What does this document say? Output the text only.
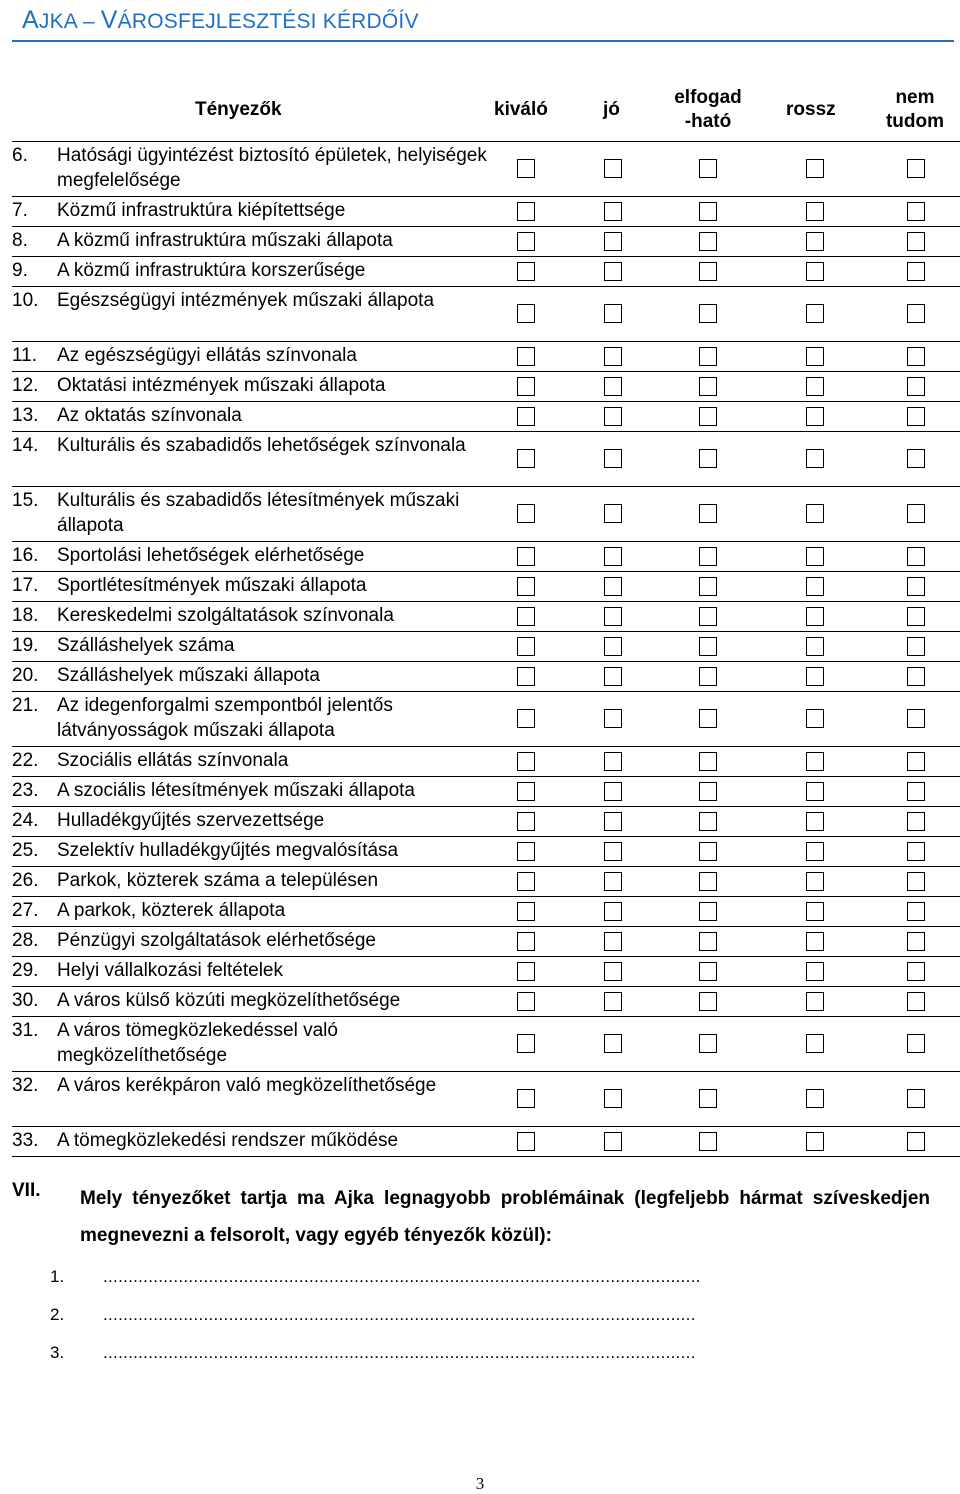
AJKA – VÁROSFEJLESZTÉSI KÉRDŐÍV
Tényezők	kiváló	jó
elfogad
-ható
rossz
nem
tudom
6. Hatósági ügyintézést biztosító épületek, helyiségek megfelelősége
7. Közmű infrastruktúra kiépítettsége
8. A közmű infrastruktúra műszaki állapota
9. A közmű infrastruktúra korszerűsége
10. Egészségügyi intézmények műszaki állapota
11. Az egészségügyi ellátás színvonala
12. Oktatási intézmények műszaki állapota
13. Az oktatás színvonala
14. Kulturális és szabadidős lehetőségek színvonala
15. Kulturális és szabadidős létesítmények műszaki állapota
16. Sportolási lehetőségek elérhetősége
17. Sportlétesítmények műszaki állapota
18. Kereskedelmi szolgáltatások színvonala
19. Szálláshelyek száma
20. Szálláshelyek műszaki állapota
21. Az idegenforgalmi szempontból jelentős látványosságok műszaki állapota
22. Szociális ellátás színvonala
23. A szociális létesítmények műszaki állapota
24. Hulladékgyűjtés szervezettsége
25. Szelektív hulladékgyűjtés megvalósítása
26. Parkok, közterek száma a településen
27. A parkok, közterek állapota
28. Pénzügyi szolgáltatások elérhetősége
29. Helyi vállalkozási feltételek
30. A város külső közúti megközelíthetősége
31. A város tömegközlekedéssel való megközelíthetősége
32. A város kerékpáron való megközelíthetősége
33. A tömegközlekedési rendszer működése
VII. Mely tényezőket tartja ma Ajka legnagyobb problémáinak (legfeljebb hármat szíveskedjen megnevezni a felsorolt, vagy egyéb tényezők közül):
1. .......................................................................................................................
2. ......................................................................................................................
3. ......................................................................................................................
3
